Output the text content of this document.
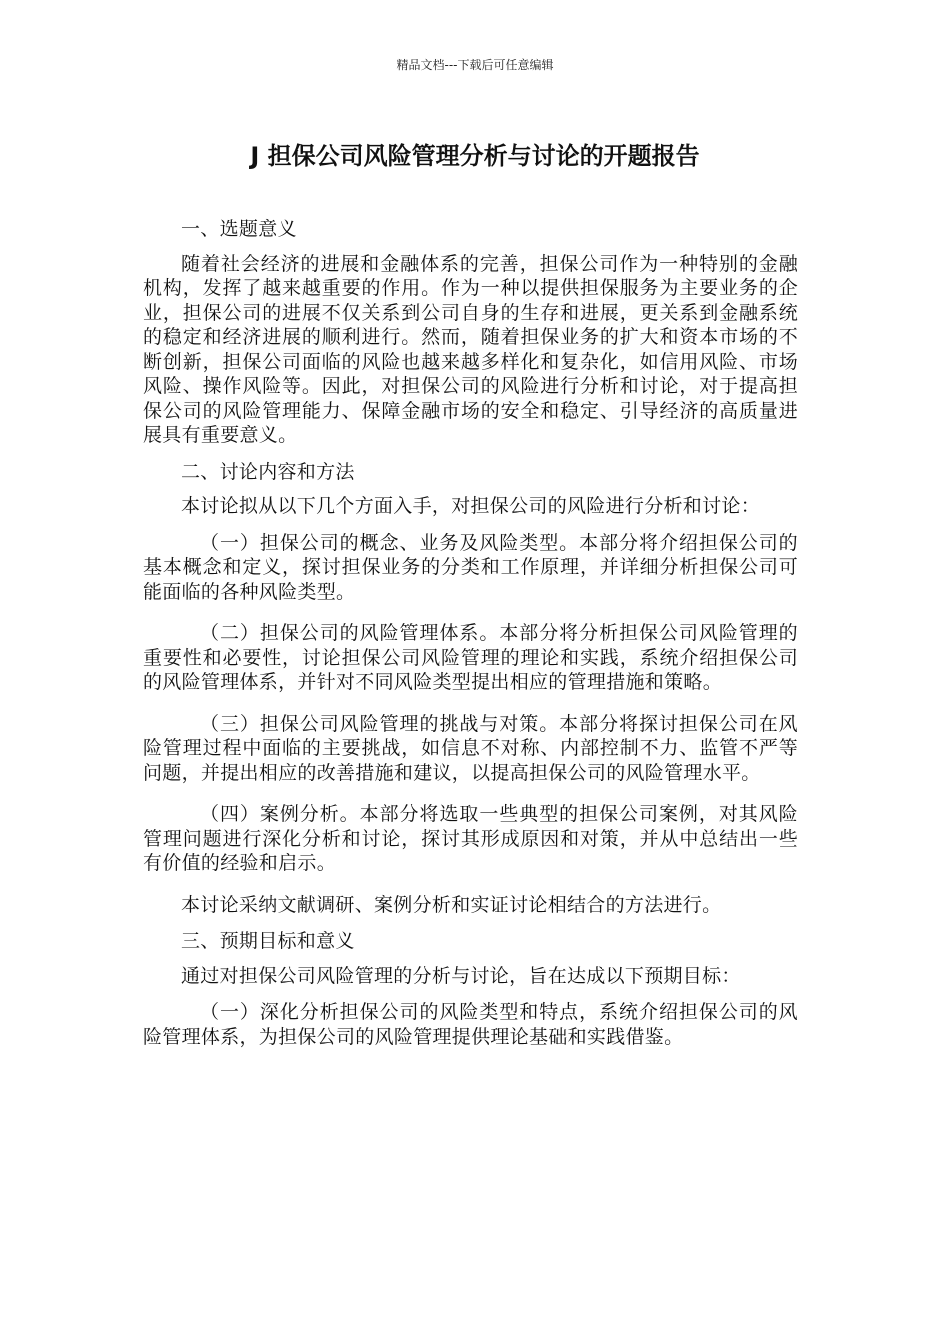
精品文档---下载后可任意编辑
J 担保公司风险管理分析与讨论的开题报告

一、选题意义

随着社会经济的进展和金融体系的完善，担保公司作为一种特别的金融机构，发挥了越来越重要的作用。作为一种以提供担保服务为主要业务的企业，担保公司的进展不仅关系到公司自身的生存和进展，更关系到金融系统的稳定和经济进展的顺利进行。然而，随着担保业务的扩大和资本市场的不断创新，担保公司面临的风险也越来越多样化和复杂化，如信用风险、市场风险、操作风险等。因此，对担保公司的风险进行分析和讨论，对于提高担保公司的风险管理能力、保障金融市场的安全和稳定、引导经济的高质量进展具有重要意义。

二、讨论内容和方法

本讨论拟从以下几个方面入手，对担保公司的风险进行分析和讨论：

（一）担保公司的概念、业务及风险类型。本部分将介绍担保公司的基本概念和定义，探讨担保业务的分类和工作原理，并详细分析担保公司可能面临的各种风险类型。

（二）担保公司的风险管理体系。本部分将分析担保公司风险管理的重要性和必要性，讨论担保公司风险管理的理论和实践，系统介绍担保公司的风险管理体系，并针对不同风险类型提出相应的管理措施和策略。

（三）担保公司风险管理的挑战与对策。本部分将探讨担保公司在风险管理过程中面临的主要挑战，如信息不对称、内部控制不力、监管不严等问题，并提出相应的改善措施和建议，以提高担保公司的风险管理水平。

（四）案例分析。本部分将选取一些典型的担保公司案例，对其风险管理问题进行深化分析和讨论，探讨其形成原因和对策，并从中总结出一些有价值的经验和启示。

本讨论采纳文献调研、案例分析和实证讨论相结合的方法进行。

三、预期目标和意义

通过对担保公司风险管理的分析与讨论，旨在达成以下预期目标：

（一）深化分析担保公司的风险类型和特点，系统介绍担保公司的风险管理体系，为担保公司的风险管理提供理论基础和实践借鉴。
